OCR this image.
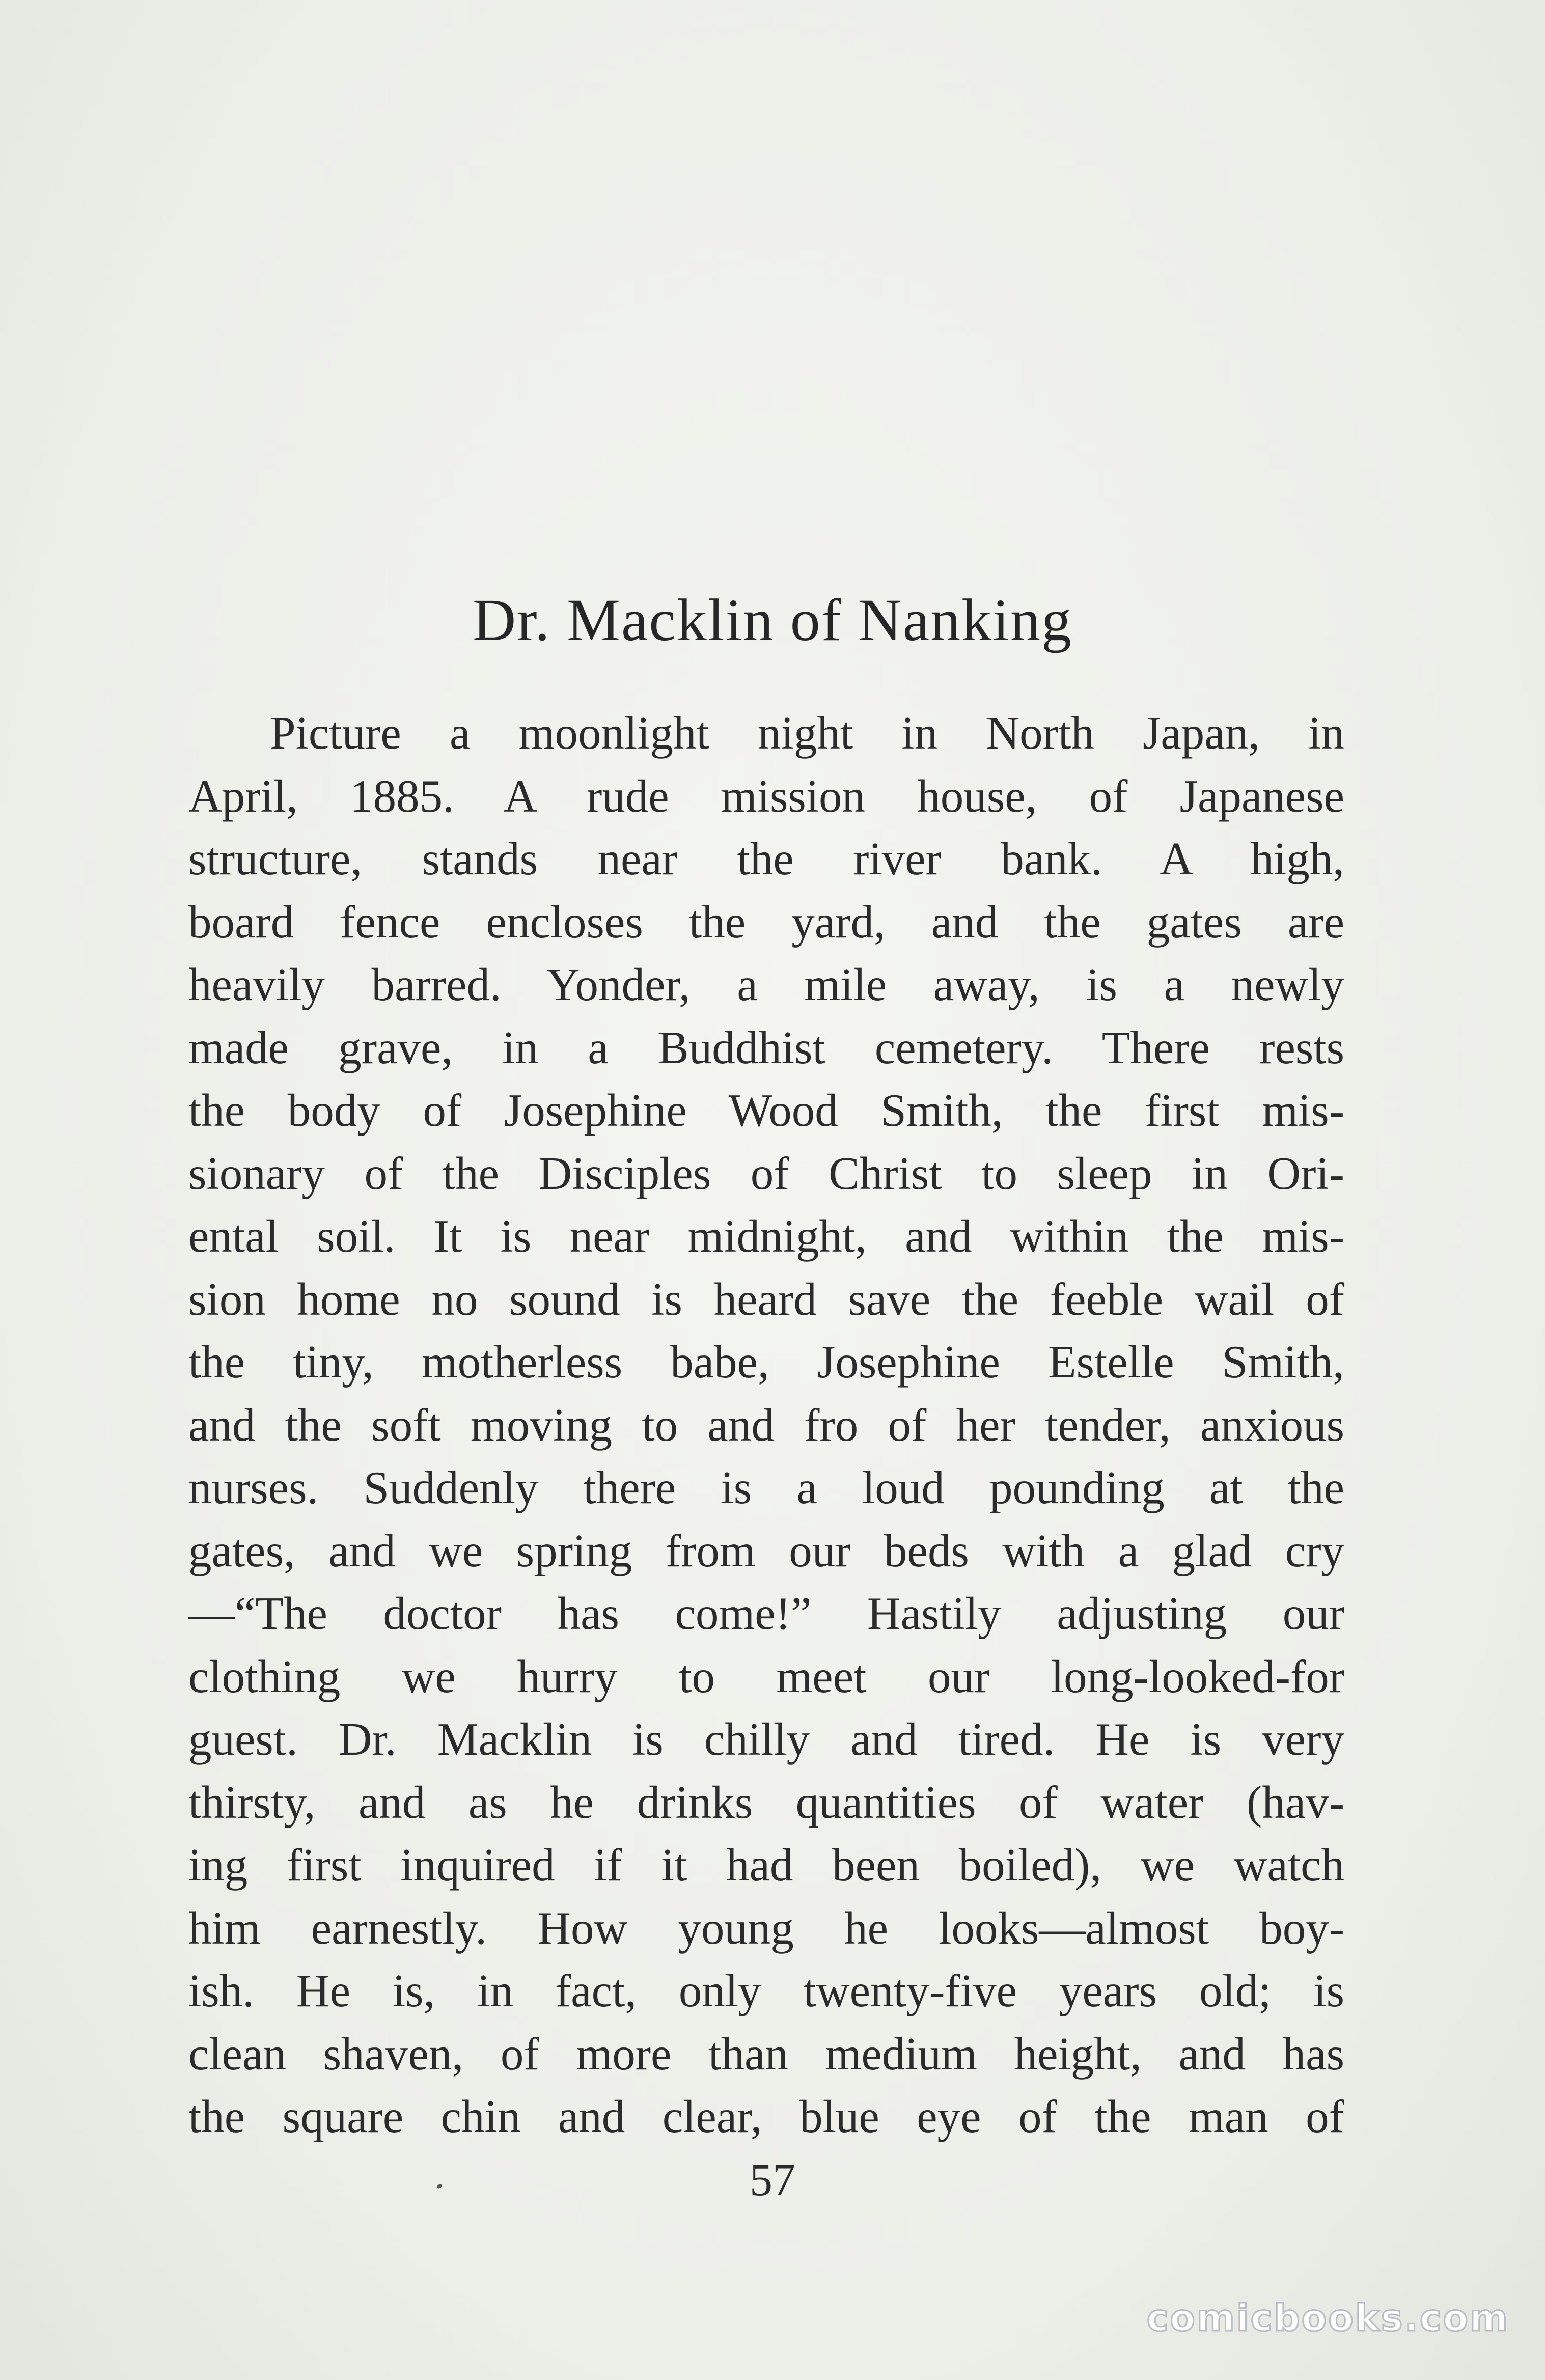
Dr. Macklin of Nanking
Picture a moonlight night in North Japan, in
April, 1885. A rude mission house, of Japanese
structure, stands near the river bank. A high,
board fence encloses the yard, and the gates are
heavily barred. Yonder, a mile away, is a newly
made grave, in a Buddhist cemetery. There rests
the body of Josephine Wood Smith, the first mis-
sionary of the Disciples of Christ to sleep in Ori-
ental soil. It is near midnight, and within the mis-
sion home no sound is heard save the feeble wail of
the tiny, motherless babe, Josephine Estelle Smith,
and the soft moving to and fro of her tender, anxious
nurses. Suddenly there is a loud pounding at the
gates, and we spring from our beds with a glad cry
—“The doctor has come!” Hastily adjusting our
clothing we hurry to meet our long-looked-for
guest. Dr. Macklin is chilly and tired. He is very
thirsty, and as he drinks quantities of water (hav-
ing first inquired if it had been boiled), we watch
him earnestly. How young he looks—almost boy-
ish. He is, in fact, only twenty-five years old; is
clean shaven, of more than medium height, and has
the square chin and clear, blue eye of the man of
57
comicbooks.com
